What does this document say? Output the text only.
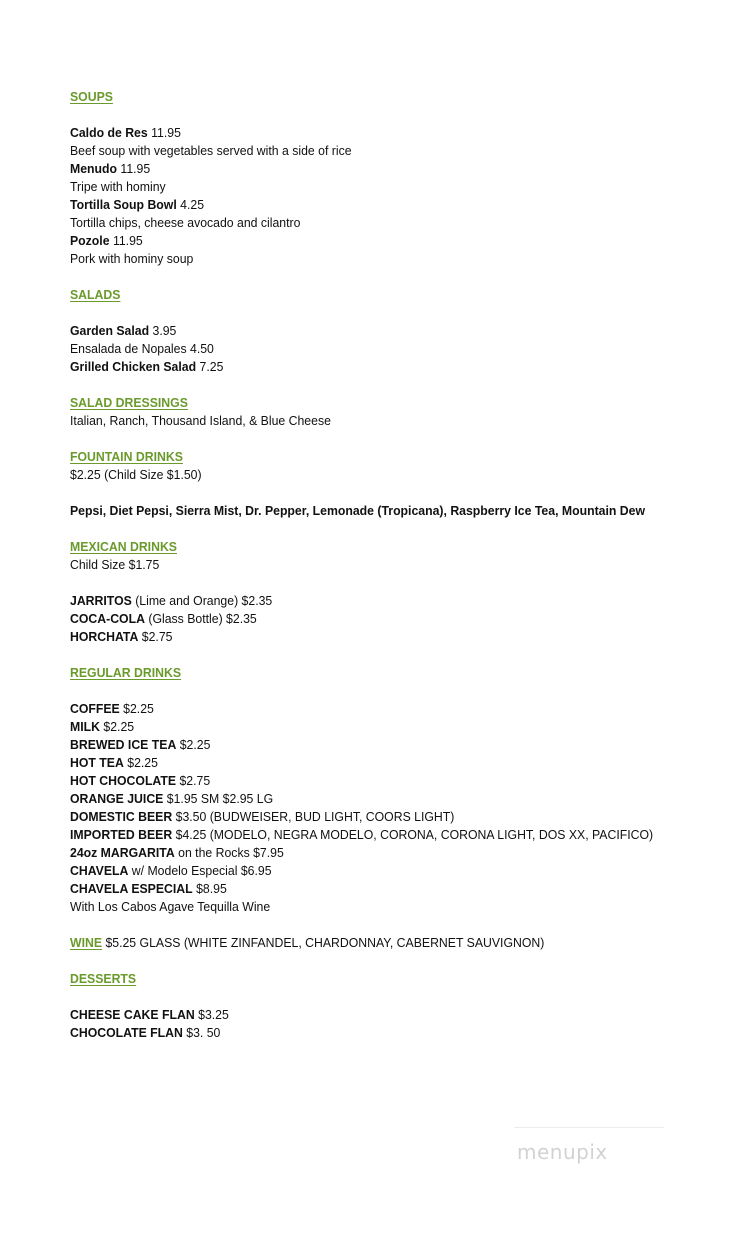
SOUPS
Caldo de Res 11.95
Beef soup with vegetables served with a side of rice
Menudo 11.95
Tripe with hominy
Tortilla Soup Bowl 4.25
Tortilla chips, cheese avocado and cilantro
Pozole 11.95
Pork with hominy soup
SALADS
Garden Salad 3.95
Ensalada de Nopales 4.50
Grilled Chicken Salad 7.25
SALAD DRESSINGS
Italian, Ranch, Thousand Island, & Blue Cheese
FOUNTAIN DRINKS
$2.25 (Child Size $1.50)
Pepsi, Diet Pepsi, Sierra Mist, Dr. Pepper, Lemonade (Tropicana), Raspberry Ice Tea, Mountain Dew
MEXICAN DRINKS
Child Size $1.75
JARRITOS (Lime and Orange) $2.35
COCA-COLA (Glass Bottle) $2.35
HORCHATA $2.75
REGULAR DRINKS
COFFEE $2.25
MILK $2.25
BREWED ICE TEA $2.25
HOT TEA $2.25
HOT CHOCOLATE $2.75
ORANGE JUICE $1.95 SM $2.95 LG
DOMESTIC BEER $3.50 (BUDWEISER, BUD LIGHT, COORS LIGHT)
IMPORTED BEER $4.25 (MODELO, NEGRA MODELO, CORONA, CORONA LIGHT, DOS XX, PACIFICO)
24oz MARGARITA on the Rocks $7.95
CHAVELA w/ Modelo Especial $6.95
CHAVELA ESPECIAL $8.95
With Los Cabos Agave Tequilla Wine
WINE $5.25 GLASS (WHITE ZINFANDEL, CHARDONNAY, CABERNET SAUVIGNON)
DESSERTS
CHEESE CAKE FLAN $3.25
CHOCOLATE FLAN $3. 50
menupix
